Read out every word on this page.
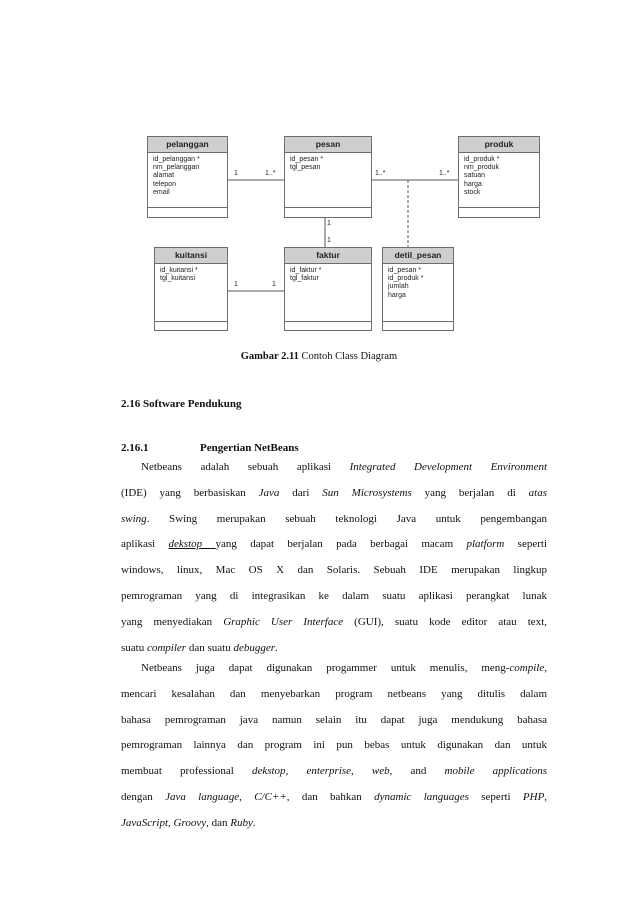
pelanggan
id_pelanggan *
nm_pelanggan
alamat
telepon
email
pesan
id_pesan *
tgl_pesan
produk
id_produk *
nm_produk
satuan
harga
stock
kuitansi
id_kuitansi *
tgl_kuitansi
faktur
id_faktur *
tgl_faktur
detil_pesan
id_pesan *
id_produk *
jumlah
harga
1	1..*	1..*	1..*
1
1
1	1
Gambar 2.11 Contoh Class Diagram
2.16 Software Pendukung
2.16.1	Pengertian NetBeans
Netbeans adalah sebuah aplikasi Integrated Development Environment
(IDE) yang berbasiskan Java dari Sun Microsystems yang berjalan di atas
swing. Swing merupakan sebuah teknologi Java untuk pengembangan
aplikasi dekstop yang dapat berjalan pada berbagai macam platform seperti
windows, linux, Mac OS X dan Solaris. Sebuah IDE merupakan lingkup
pemrograman yang di integrasikan ke dalam suatu aplikasi perangkat lunak
yang menyediakan Graphic User Interface (GUI), suatu kode editor atau text,
suatu compiler dan suatu debugger.
Netbeans juga dapat digunakan progammer untuk menulis, meng-compile,
mencari kesalahan dan menyebarkan program netbeans yang ditulis dalam
bahasa pemrograman java namun selain itu dapat juga mendukung bahasa
pemrograman lainnya dan program ini pun bebas untuk digunakan dan untuk
membuat professional dekstop, enterprise, web, and mobile applications
dengan Java language, C/C++, dan bahkan dynamic languages seperti PHP,
JavaScript, Groovy, dan Ruby.
